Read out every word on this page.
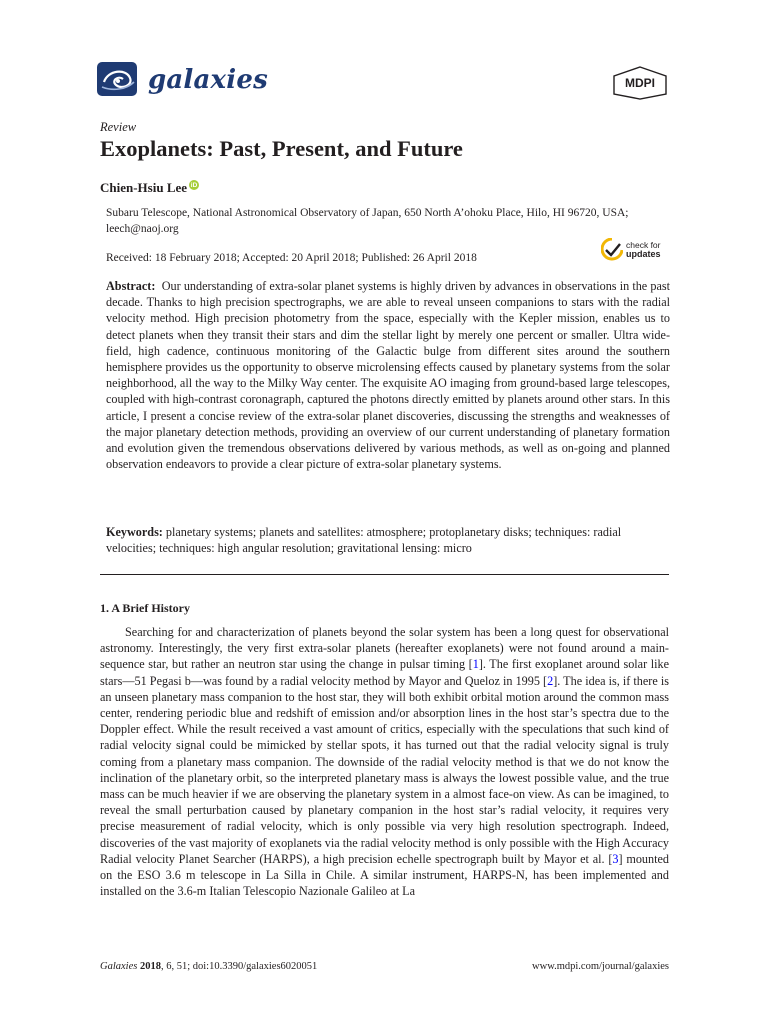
galaxies	MDPI
Review
Exoplanets: Past, Present, and Future
Chien-Hsiu Lee iD
Subaru Telescope, National Astronomical Observatory of Japan, 650 North A’ohoku Place, Hilo, HI 96720, USA; leech@naoj.org
Received: 18 February 2018; Accepted: 20 April 2018; Published: 26 April 2018
check for
updates
Abstract: Our understanding of extra-solar planet systems is highly driven by advances in observations in the past decade. Thanks to high precision spectrographs, we are able to reveal unseen companions to stars with the radial velocity method. High precision photometry from the space, especially with the Kepler mission, enables us to detect planets when they transit their stars and dim the stellar light by merely one percent or smaller. Ultra wide-field, high cadence, continuous monitoring of the Galactic bulge from different sites around the southern hemisphere provides us the opportunity to observe microlensing effects caused by planetary systems from the solar neighborhood, all the way to the Milky Way center. The exquisite AO imaging from ground-based large telescopes, coupled with high-contrast coronagraph, captured the photons directly emitted by planets around other stars. In this article, I present a concise review of the extra-solar planet discoveries, discussing the strengths and weaknesses of the major planetary detection methods, providing an overview of our current understanding of planetary formation and evolution given the tremendous observations delivered by various methods, as well as on-going and planned observation endeavors to provide a clear picture of extra-solar planetary systems.
Keywords: planetary systems; planets and satellites: atmosphere; protoplanetary disks; techniques: radial velocities; techniques: high angular resolution; gravitational lensing: micro
1. A Brief History

Searching for and characterization of planets beyond the solar system has been a long quest for observational astronomy. Interestingly, the very first extra-solar planets (hereafter exoplanets) were not found around a main-sequence star, but rather an neutron star using the change in pulsar timing [1]. The first exoplanet around solar like stars—51 Pegasi b—was found by a radial velocity method by Mayor and Queloz in 1995 [2]. The idea is, if there is an unseen planetary mass companion to the host star, they will both exhibit orbital motion around the common mass center, rendering periodic blue and redshift of emission and/or absorption lines in the host star’s spectra due to the Doppler effect. While the result received a vast amount of critics, especially with the speculations that such kind of radial velocity signal could be mimicked by stellar spots, it has turned out that the radial velocity signal is truly coming from a planetary mass companion. The downside of the radial velocity method is that we do not know the inclination of the planetary orbit, so the interpreted planetary mass is always the lowest possible value, and the true mass can be much heavier if we are observing the planetary system in a almost face-on view. As can be imagined, to reveal the small perturbation caused by planetary companion in the host star’s radial velocity, it requires very precise measurement of radial velocity, which is only possible via very high resolution spectrograph. Indeed, discoveries of the vast majority of exoplanets via the radial velocity method is only possible with the High Accuracy Radial velocity Planet Searcher (HARPS), a high precision echelle spectrograph built by Mayor et al. [3] mounted on the ESO 3.6 m telescope in La Silla in Chile. A similar instrument, HARPS-N, has been implemented and installed on the 3.6-m Italian Telescopio Nazionale Galileo at La

Galaxies 2018, 6, 51; doi:10.3390/galaxies6020051	www.mdpi.com/journal/galaxies
